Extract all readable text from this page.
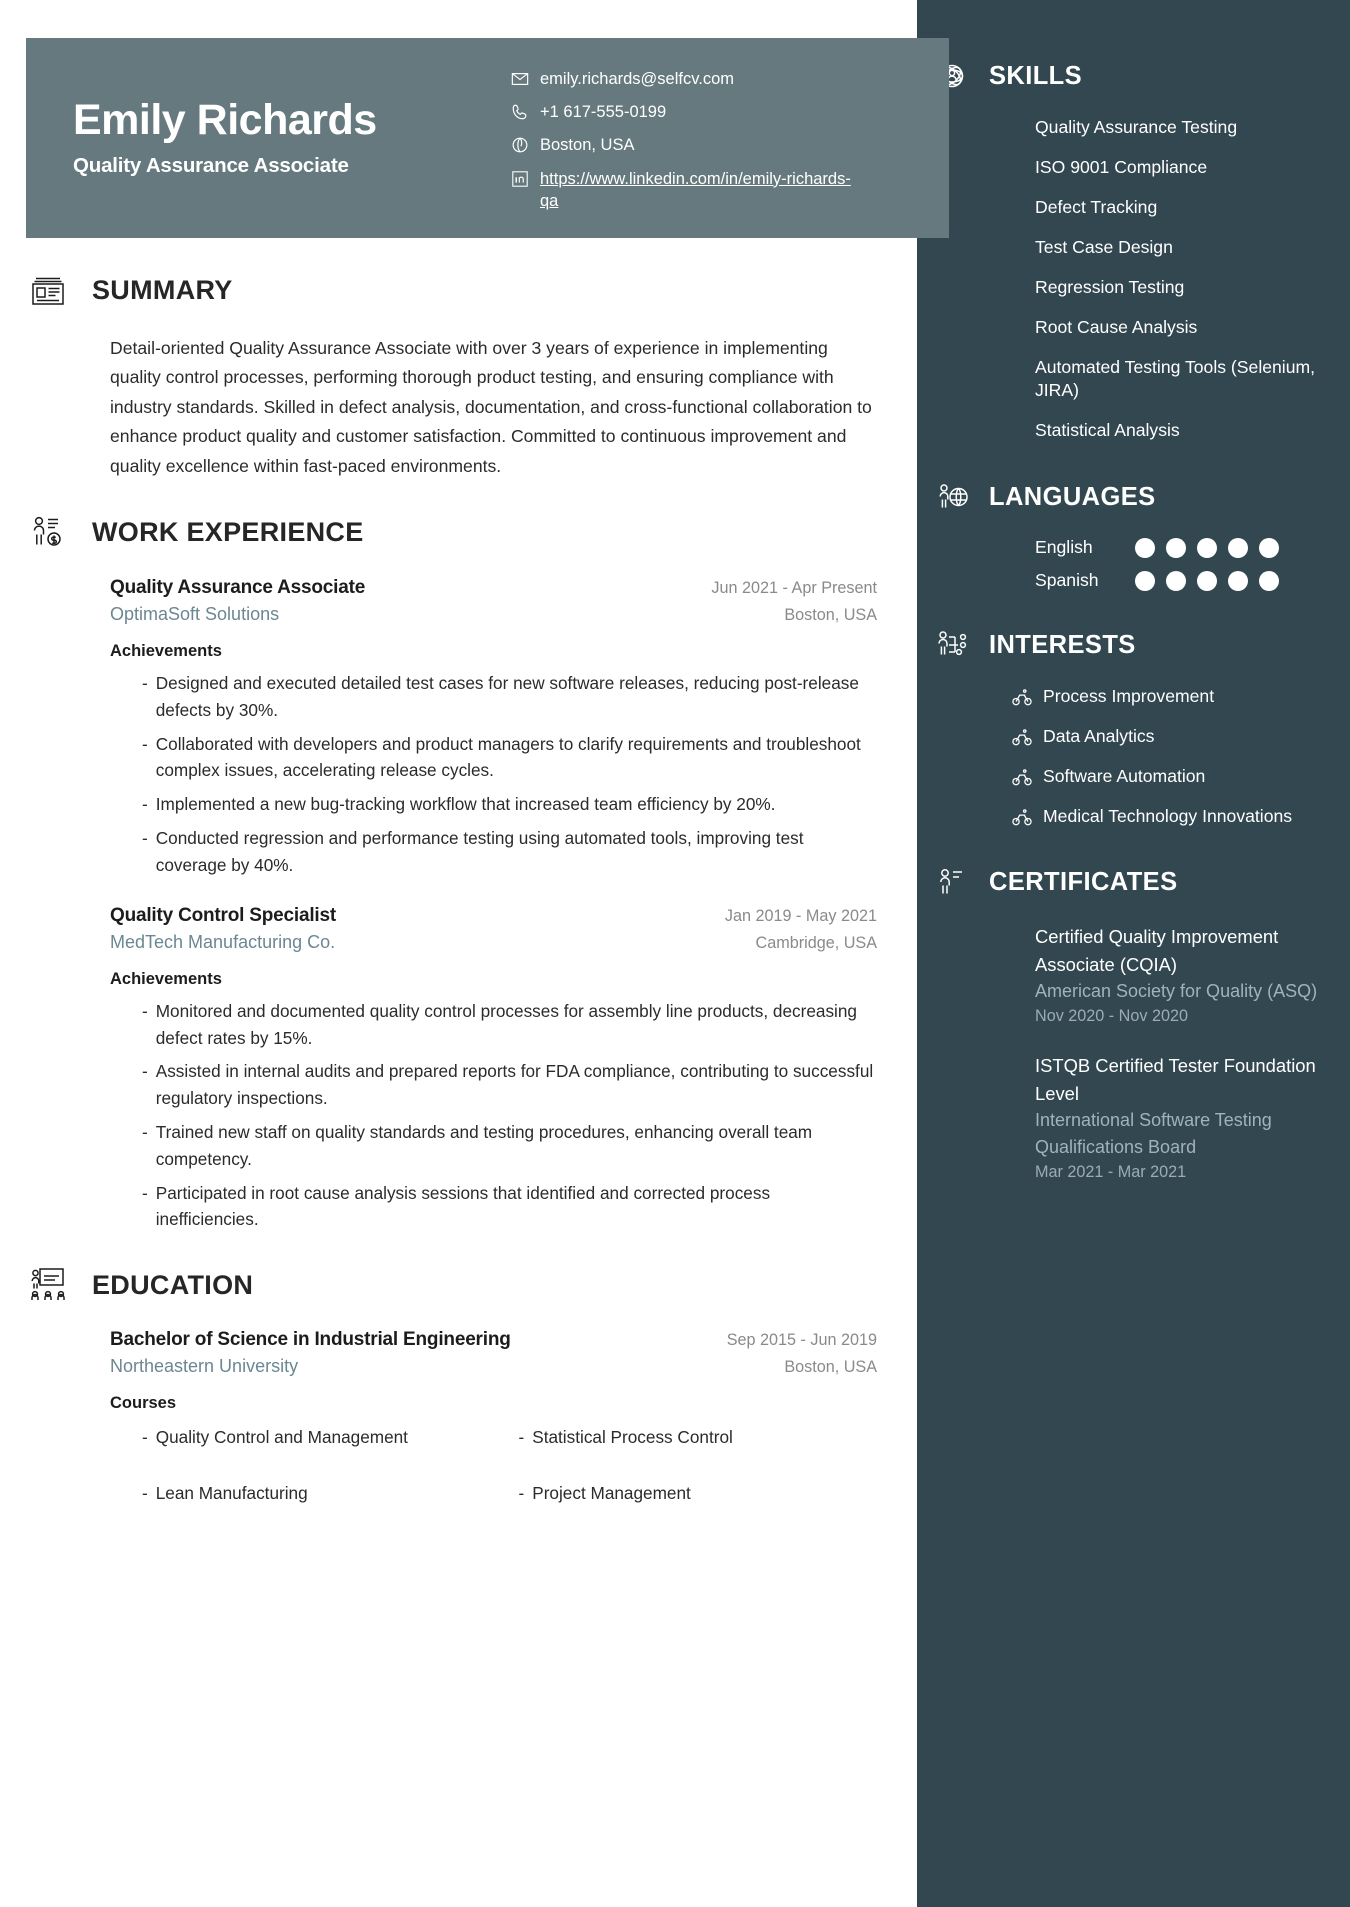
SKILLS
Quality Assurance Testing
ISO 9001 Compliance
Defect Tracking
Test Case Design
Regression Testing
Root Cause Analysis
Automated Testing Tools (Selenium, JIRA)
Statistical Analysis
LANGUAGES
English
Spanish
INTERESTS
Process Improvement
Data Analytics
Software Automation
Medical Technology Innovations
CERTIFICATES
Certified Quality Improvement Associate (CQIA)
American Society for Quality (ASQ)
Nov 2020 - Nov 2020
ISTQB Certified Tester Foundation Level
International Software Testing Qualifications Board
Mar 2021 - Mar 2021
Emily Richards
Quality Assurance Associate
emily.richards@selfcv.com
+1 617-555-0199
Boston, USA
https://www.linkedin.com/in/emily-richards-qa
SUMMARY

Detail-oriented Quality Assurance Associate with over 3 years of experience in implementing quality control processes, performing thorough product testing, and ensuring compliance with industry standards. Skilled in defect analysis, documentation, and cross-functional collaboration to enhance product quality and customer satisfaction. Committed to continuous improvement and quality excellence within fast-paced environments.

WORK EXPERIENCE
Quality Assurance Associate	Jun 2021 - Apr Present
OptimaSoft Solutions	Boston, USA
Achievements
- Designed and executed detailed test cases for new software releases, reducing post-release defects by 30%.
- Collaborated with developers and product managers to clarify requirements and troubleshoot complex issues, accelerating release cycles.
- Implemented a new bug-tracking workflow that increased team efficiency by 20%.
- Conducted regression and performance testing using automated tools, improving test coverage by 40%.
Quality Control Specialist	Jan 2019 - May 2021
MedTech Manufacturing Co.	Cambridge, USA
Achievements
- Monitored and documented quality control processes for assembly line products, decreasing defect rates by 15%.
- Assisted in internal audits and prepared reports for FDA compliance, contributing to successful regulatory inspections.
- Trained new staff on quality standards and testing procedures, enhancing overall team competency.
- Participated in root cause analysis sessions that identified and corrected process inefficiencies.
EDUCATION
Bachelor of Science in Industrial Engineering	Sep 2015 - Jun 2019
Northeastern University	Boston, USA
Courses
- Quality Control and Management	- Statistical Process Control
- Lean Manufacturing	- Project Management
